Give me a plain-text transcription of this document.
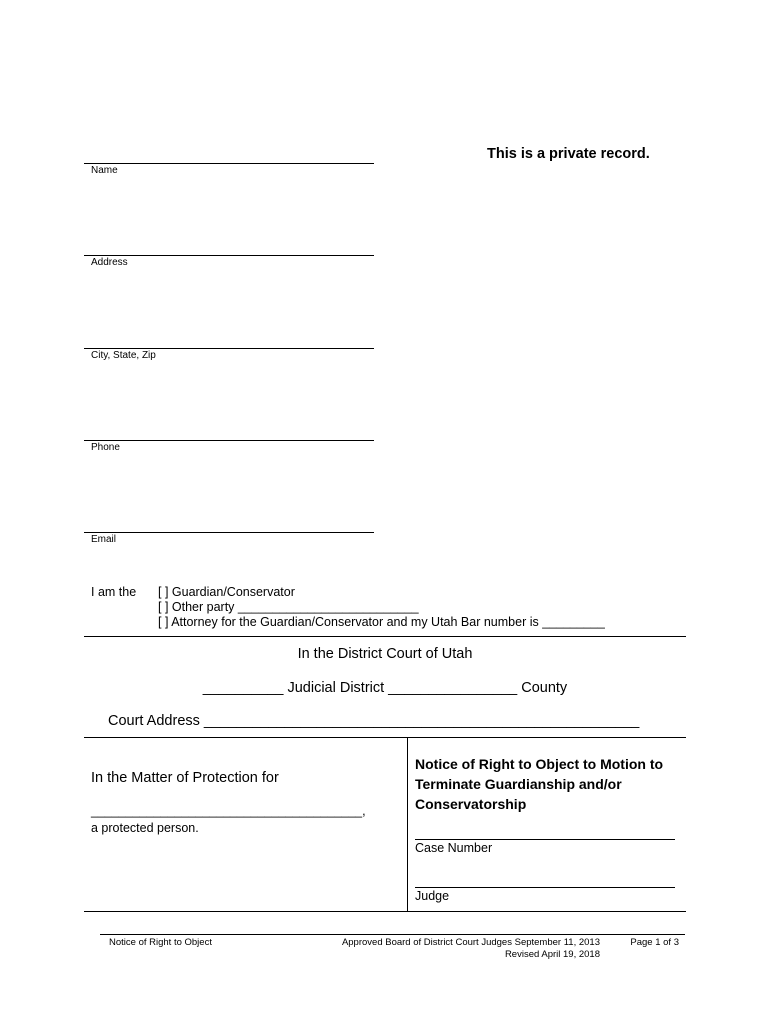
This is a private record.
Name
Address
City, State, Zip
Phone
Email
I am the [ ] Guardian/Conservator
[ ] Other party __________________________
[ ] Attorney for the Guardian/Conservator and my Utah Bar number is _________
In the District Court of Utah
__________ Judicial District ________________ County
Court Address ______________________________________________________
In the Matter of Protection for
_______________________________________,
a protected person.
Notice of Right to Object to Motion to Terminate Guardianship and/or Conservatorship
Case Number
Judge
Notice of Right to Object	Approved Board of District Court Judges September 11, 2013
Revised April 19, 2018
Page 1 of 3
